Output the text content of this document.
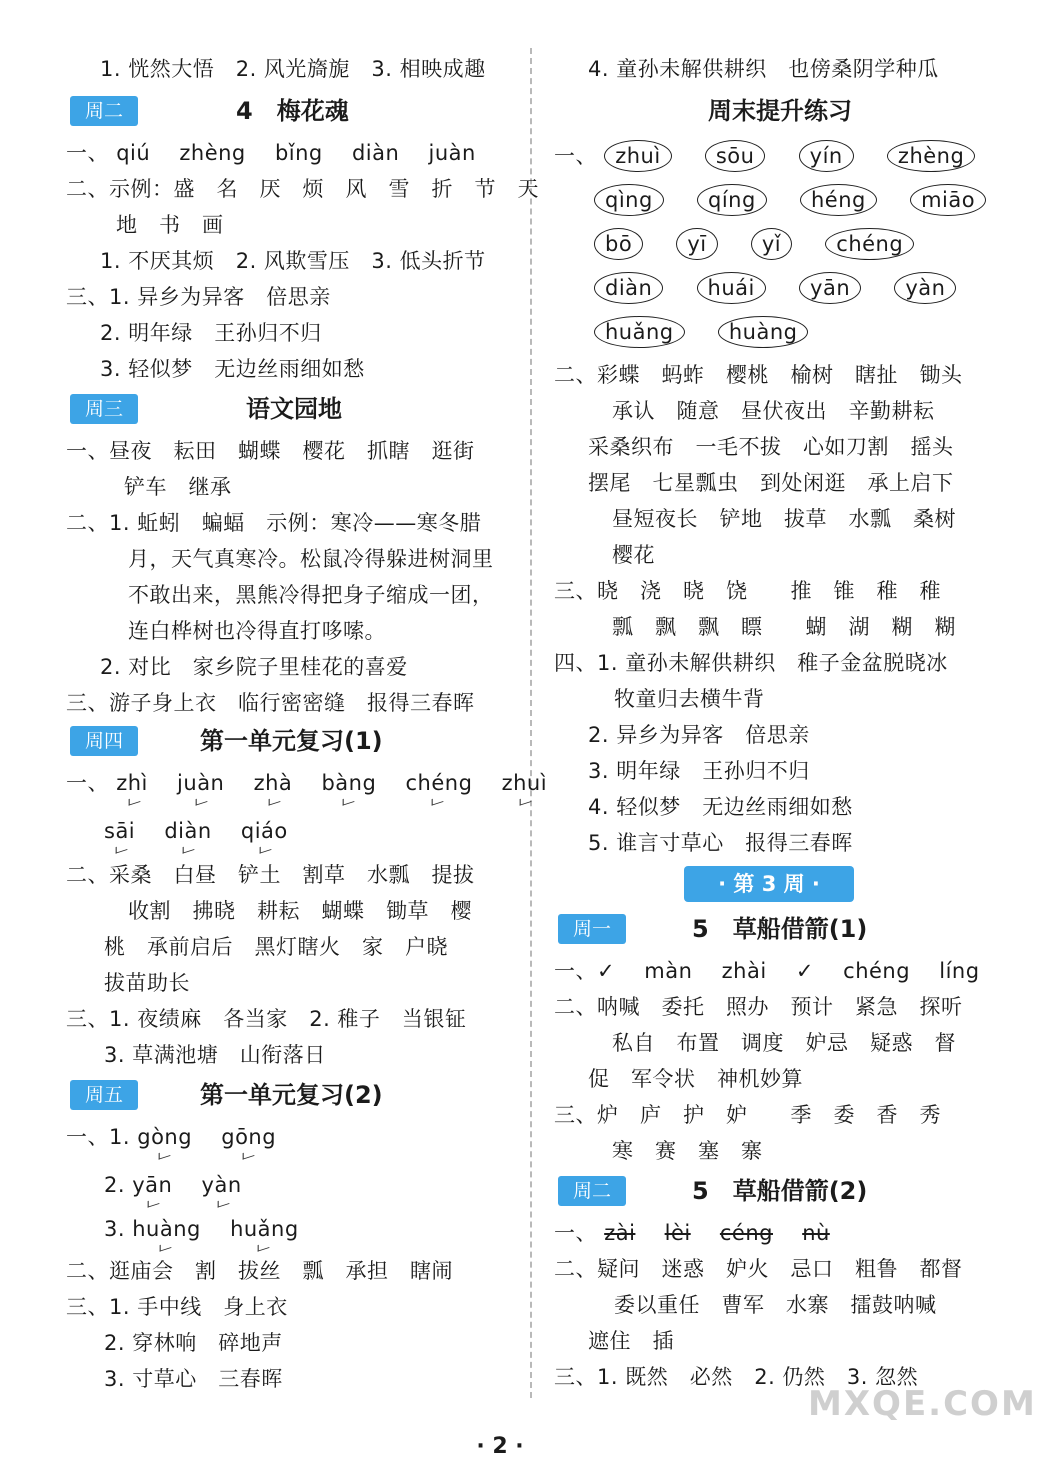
1. 恍然大悟　2. 风光旖旎　3. 相映成趣
周二	4　梅花魂
一、 qiú zhèng bǐng diàn juàn
二、示例：盛　名　厌　烦　风　雪　折　节　天
地　书　画
1. 不厌其烦　2. 风欺雪压　3. 低头折节
三、1. 异乡为异客　倍思亲
2. 明年绿　王孙归不归
3. 轻似梦　无边丝雨细如愁
周三	语文园地
一、昼夜　耘田　蝴蝶　樱花　抓瞎　逛街
铲车　继承
二、1. 蚯蚓　蝙蝠　示例：寒冷——寒冬腊
月，天气真寒冷。松鼠冷得躲进树洞里
不敢出来，黑熊冷得把身子缩成一团，
连白桦树也冷得直打哆嗦。
2. 对比　家乡院子里桂花的喜爱
三、游子身上衣　临行密密缝　报得三春晖
周四	第一单元复习(1)
一、 zhì juàn zhà bàng chéng zhuì
sāi diàn qiáo
二、采桑　白昼　铲土　割草　水瓢　提拔
收割　拂晓　耕耘　蝴蝶　锄草　樱
桃　承前启后　黑灯瞎火　家　户晓
拔苗助长
三、1. 夜绩麻　各当家　2. 稚子　当银钲
3. 草满池塘　山衔落日
周五	第一单元复习(2)
一、1. gòng gōng
2. yān yàn
3. huàng huǎng
二、逛庙会　割　拔丝　瓢　承担　瞎闹
三、1. 手中线　身上衣
2. 穿林响　碎地声
3. 寸草心　三春晖
4. 童孙未解供耕织　也傍桑阴学种瓜
周末提升练习
一、 zhuì	sōu	yín	zhèng
qìng	qíng	héng	miāo
bō	yī	yǐ	chéng
diàn	huái	yān	yàn
huǎng	huàng
二、彩蝶　蚂蚱　樱桃　榆树　瞎扯　锄头
承认　随意　昼伏夜出　辛勤耕耘
采桑织布　一毛不拔　心如刀割　摇头
摆尾　七星瓢虫　到处闲逛　承上启下
昼短夜长　铲地　拔草　水瓢　桑树
樱花
三、晓　浇　晓　饶　　推　锥　稚　稚
瓢　飘　飘　瞟　　蝴　湖　糊　糊
四、1. 童孙未解供耕织　稚子金盆脱晓冰
牧童归去横牛背
2. 异乡为异客　倍思亲
3. 明年绿　王孙归不归
4. 轻似梦　无边丝雨细如愁
5. 谁言寸草心　报得三春晖
· 第 3 周 ·
周一	5　草船借箭(1)
一、✓ màn zhài ✓ chéng líng
二、呐喊　委托　照办　预计　紧急　探听
私自　布置　调度　妒忌　疑惑　督
促　军令状　神机妙算
三、炉　庐　护　妒　　季　委　香　秀
寒　赛　塞　寨
周二	5　草船借箭(2)
一、 zài lèi céng nù
二、疑问　迷惑　妒火　忌口　粗鲁　都督
委以重任　曹军　水寨　擂鼓呐喊
遮住　插
三、1. 既然　必然　2. 仍然　3. 忽然
MXQE.COM
· 2 ·
